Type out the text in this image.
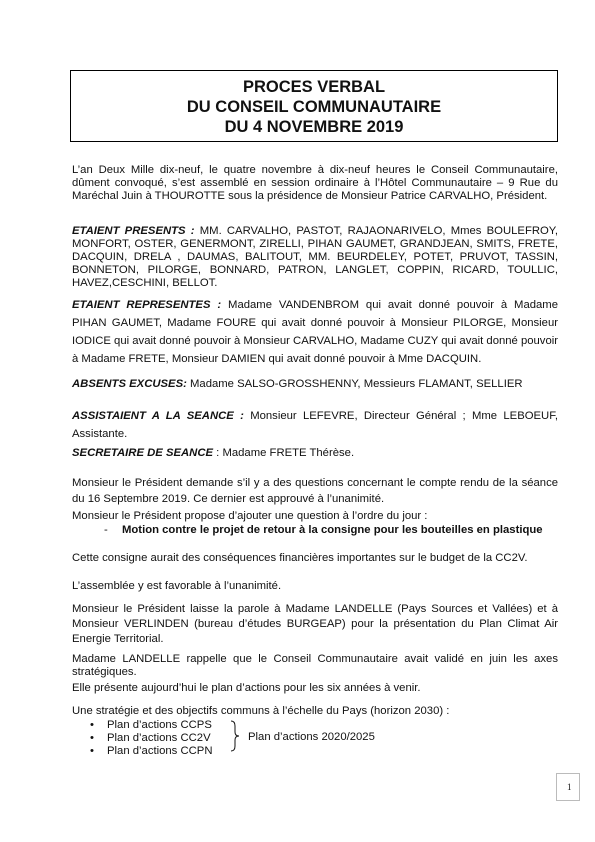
PROCES VERBAL
DU CONSEIL COMMUNAUTAIRE
DU 4 NOVEMBRE 2019
L’an Deux Mille dix-neuf, le quatre novembre à dix-neuf heures le Conseil Communautaire, dûment convoqué, s’est assemblé en session ordinaire à l’Hôtel Communautaire – 9 Rue du Maréchal Juin à THOUROTTE sous la présidence de Monsieur Patrice CARVALHO, Président.
ETAIENT PRESENTS : MM. CARVALHO, PASTOT, RAJAONARIVELO, Mmes BOULEFROY, MONFORT, OSTER, GENERMONT, ZIRELLI, PIHAN GAUMET, GRANDJEAN, SMITS, FRETE, DACQUIN, DRELA , DAUMAS, BALITOUT, MM. BEURDELEY, POTET, PRUVOT, TASSIN, BONNETON, PILORGE, BONNARD, PATRON, LANGLET, COPPIN, RICARD, TOULLIC, HAVEZ,CESCHINI, BELLOT.
ETAIENT REPRESENTES : Madame VANDENBROM qui avait donné pouvoir à Madame PIHAN GAUMET, Madame FOURE qui avait donné pouvoir à Monsieur PILORGE, Monsieur IODICE qui avait donné pouvoir à Monsieur CARVALHO, Madame CUZY qui avait donné pouvoir à Madame FRETE, Monsieur DAMIEN qui avait donné pouvoir à Mme DACQUIN.
ABSENTS EXCUSES: Madame SALSO-GROSSHENNY, Messieurs FLAMANT, SELLIER
ASSISTAIENT A LA SEANCE : Monsieur LEFEVRE, Directeur Général ; Mme LEBOEUF, Assistante.
SECRETAIRE DE SEANCE : Madame FRETE Thérèse.
Monsieur le Président demande s’il y a des questions concernant le compte rendu de la séance du 16 Septembre 2019. Ce dernier est approuvé à l’unanimité.
Monsieur le Président propose d’ajouter une question à l’ordre du jour :
- Motion contre le projet de retour à la consigne pour les bouteilles en plastique
Cette consigne aurait des conséquences financières importantes sur le budget de la CC2V.
L’assemblée y est favorable à l’unanimité.
Monsieur le Président laisse la parole à Madame LANDELLE (Pays Sources et Vallées) et à Monsieur VERLINDEN (bureau d’études BURGEAP) pour la présentation du Plan Climat Air Energie Territorial.
Madame LANDELLE rappelle que le Conseil Communautaire avait validé en juin les axes stratégiques.
Elle présente aujourd’hui le plan d’actions pour les six années à venir.
Une stratégie et des objectifs communs à l’échelle du Pays (horizon 2030) :
• Plan d’actions CCPS
• Plan d’actions CC2V
• Plan d’actions CCPN
Plan d’actions 2020/2025
1
